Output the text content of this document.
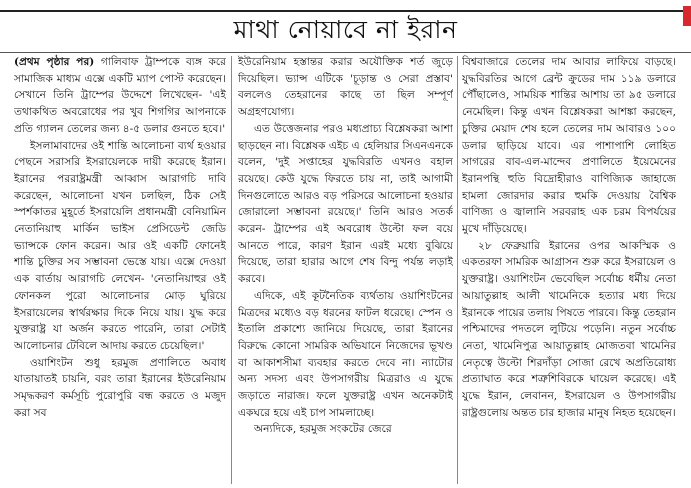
মাথা নোয়াবে না ইরান

(প্রথম পৃষ্ঠার পর) গালিবাফ ট্রাম্পকে ব্যঙ্গ করে সামাজিক মাধ্যম এক্সে একটি ম্যাপ পোস্ট করেছেন। সেখানে তিনি ট্রাম্পের উদ্দেশে লিখেছেন- 'এই তথাকথিত অবরোধের পর খুব শিগগির আপনাকে প্রতি গ্যালন তেলের জন্য ৪-৫ ডলার গুনতে হবে।'

ইসলামাবাদের ওই শান্তি আলোচনা ব্যর্থ হওয়ার পেছনে সরাসরি ইসরায়েলকে দায়ী করেছে ইরান। ইরানের পররাষ্ট্রমন্ত্রী আব্বাস আরাগচি দাবি করেছেন, আলোচনা যখন চলছিল, ঠিক সেই স্পর্শকাতর মুহূর্তে ইসরায়েলি প্রধানমন্ত্রী বেনিয়ামিন নেতানিয়াহু মার্কিন ভাইস প্রেসিডেন্ট জেডি ভ্যান্সকে ফোন করেন। আর ওই একটি ফোনেই শান্তি চুক্তির সব সম্ভাবনা ভেস্তে যায়। এক্সে দেওয়া এক বার্তায় আরাগচি লেখেন- 'নেতানিয়াহুর ওই ফোনকল পুরো আলোচনার মোড় ঘুরিয়ে ইসরায়েলের স্বার্থরক্ষার দিকে নিয়ে যায়। যুদ্ধ করে যুক্তরাষ্ট্র যা অর্জন করতে পারেনি, তারা সেটাই আলোচনার টেবিলে আদায় করতে চেয়েছিল।'

ওয়াশিংটন শুধু হরমুজ প্রণালিতে অবাধ যাতায়াতই চায়নি, বরং তারা ইরানের ইউরেনিয়াম সমৃদ্ধকরণ কর্মসূচি পুরোপুরি বন্ধ করতে ও মজুদ করা সব

ইউরেনিয়াম হস্তান্তর করার অযৌক্তিক শর্ত জুড়ে দিয়েছিল। ভ্যান্স এটিকে 'চূড়ান্ত ও সেরা প্রস্তাব' বললেও তেহরানের কাছে তা ছিল সম্পূর্ণ অগ্রহণযোগ্য।

এত উত্তেজনার পরও মধ্যপ্রাচ্য বিশ্লেষকরা আশা ছাড়ছেন না। বিশ্লেষক এইচ এ হেলিয়ার সিএনএনকে বলেন, 'দুই সপ্তাহের যুদ্ধবিরতি এখনও বহাল রয়েছে। কেউ যুদ্ধে ফিরতে চায় না, তাই আগামী দিনগুলোতে আরও বড় পরিসরে আলোচনা হওয়ার জোরালো সম্ভাবনা রয়েছে।' তিনি আরও সতর্ক করেন- ট্রাম্পের এই অবরোধ উল্টো ফল বয়ে আনতে পারে, কারণ ইরান এরই মধ্যে বুঝিয়ে দিয়েছে, তারা হারার আগে শেষ বিন্দু পর্যন্ত লড়াই করবে।

এদিকে, এই কূটনৈতিক ব্যর্থতায় ওয়াশিংটনের মিত্রদের মধ্যেও বড় ধরনের ফাটল ধরেছে। স্পেন ও ইতালি প্রকাশ্যে জানিয়ে দিয়েছে, তারা ইরানের বিরুদ্ধে কোনো সামরিক অভিযানে নিজেদের ভূখণ্ড বা আকাশসীমা ব্যবহার করতে দেবে না। ন্যাটোর অন্য সদস্য এবং উপসাগরীয় মিত্ররাও এ যুদ্ধে জড়াতে নারাজ। ফলে যুক্তরাষ্ট্র এখন অনেকটাই একঘরে হয়ে এই চাপ সামলাচ্ছে।

অন্যদিকে, হরমুজ সংকটের জেরে

বিশ্ববাজারে তেলের দাম আবার লাফিয়ে বাড়ছে। যুদ্ধবিরতির আগে ব্রেন্ট ক্রুডের দাম ১১৯ ডলারে পৌঁছালেও, সাময়িক শান্তির আশায় তা ৯৫ ডলারে নেমেছিল। কিন্তু এখন বিশ্লেষকরা আশঙ্কা করছেন, চুক্তির মেয়াদ শেষ হলে তেলের দাম আবারও ১০০ ডলার ছাড়িয়ে যাবে। এর পাশাপাশি লোহিত সাগরের বাব-এল-মান্দেব প্রণালিতে ইয়েমেনের ইরানপন্থি হুতি বিদ্রোহীরাও বাণিজ্যিক জাহাজে হামলা জোরদার করার হুমকি দেওয়ায় বৈশ্বিক বাণিজ্য ও জ্বালানি সরবরাহ এক চরম বিপর্যয়ের মুখে দাঁড়িয়েছে।

২৮ ফেব্রুয়ারি ইরানের ওপর আকস্মিক ও একতরফা সামরিক আগ্রাসন শুরু করে ইসরায়েল ও যুক্তরাষ্ট্র। ওয়াশিংটন ভেবেছিল সর্বোচ্চ ধর্মীয় নেতা আয়াতুল্লাহ আলী খামেনিকে হত্যার মধ্য দিয়ে ইরানকে পায়ের তলায় পিষতে পারবে। কিন্তু তেহরান পশ্চিমাদের পদতলে লুটিয়ে পড়েনি। নতুন সর্বোচ্চ নেতা, খামেনিপুত্র আয়াতুল্লাহ মোজতবা খামেনির নেতৃত্বে উল্টো শিরদাঁড়া সোজা রেখে অপ্রতিরোধ্য প্রত্যাঘাত করে শত্রুশিবিরকে ঘায়েল করেছে। এই যুদ্ধে ইরান, লেবানন, ইসরায়েল ও উপসাগরীয় রাষ্ট্রগুলোয় অন্তত চার হাজার মানুষ নিহত হয়েছেন।
